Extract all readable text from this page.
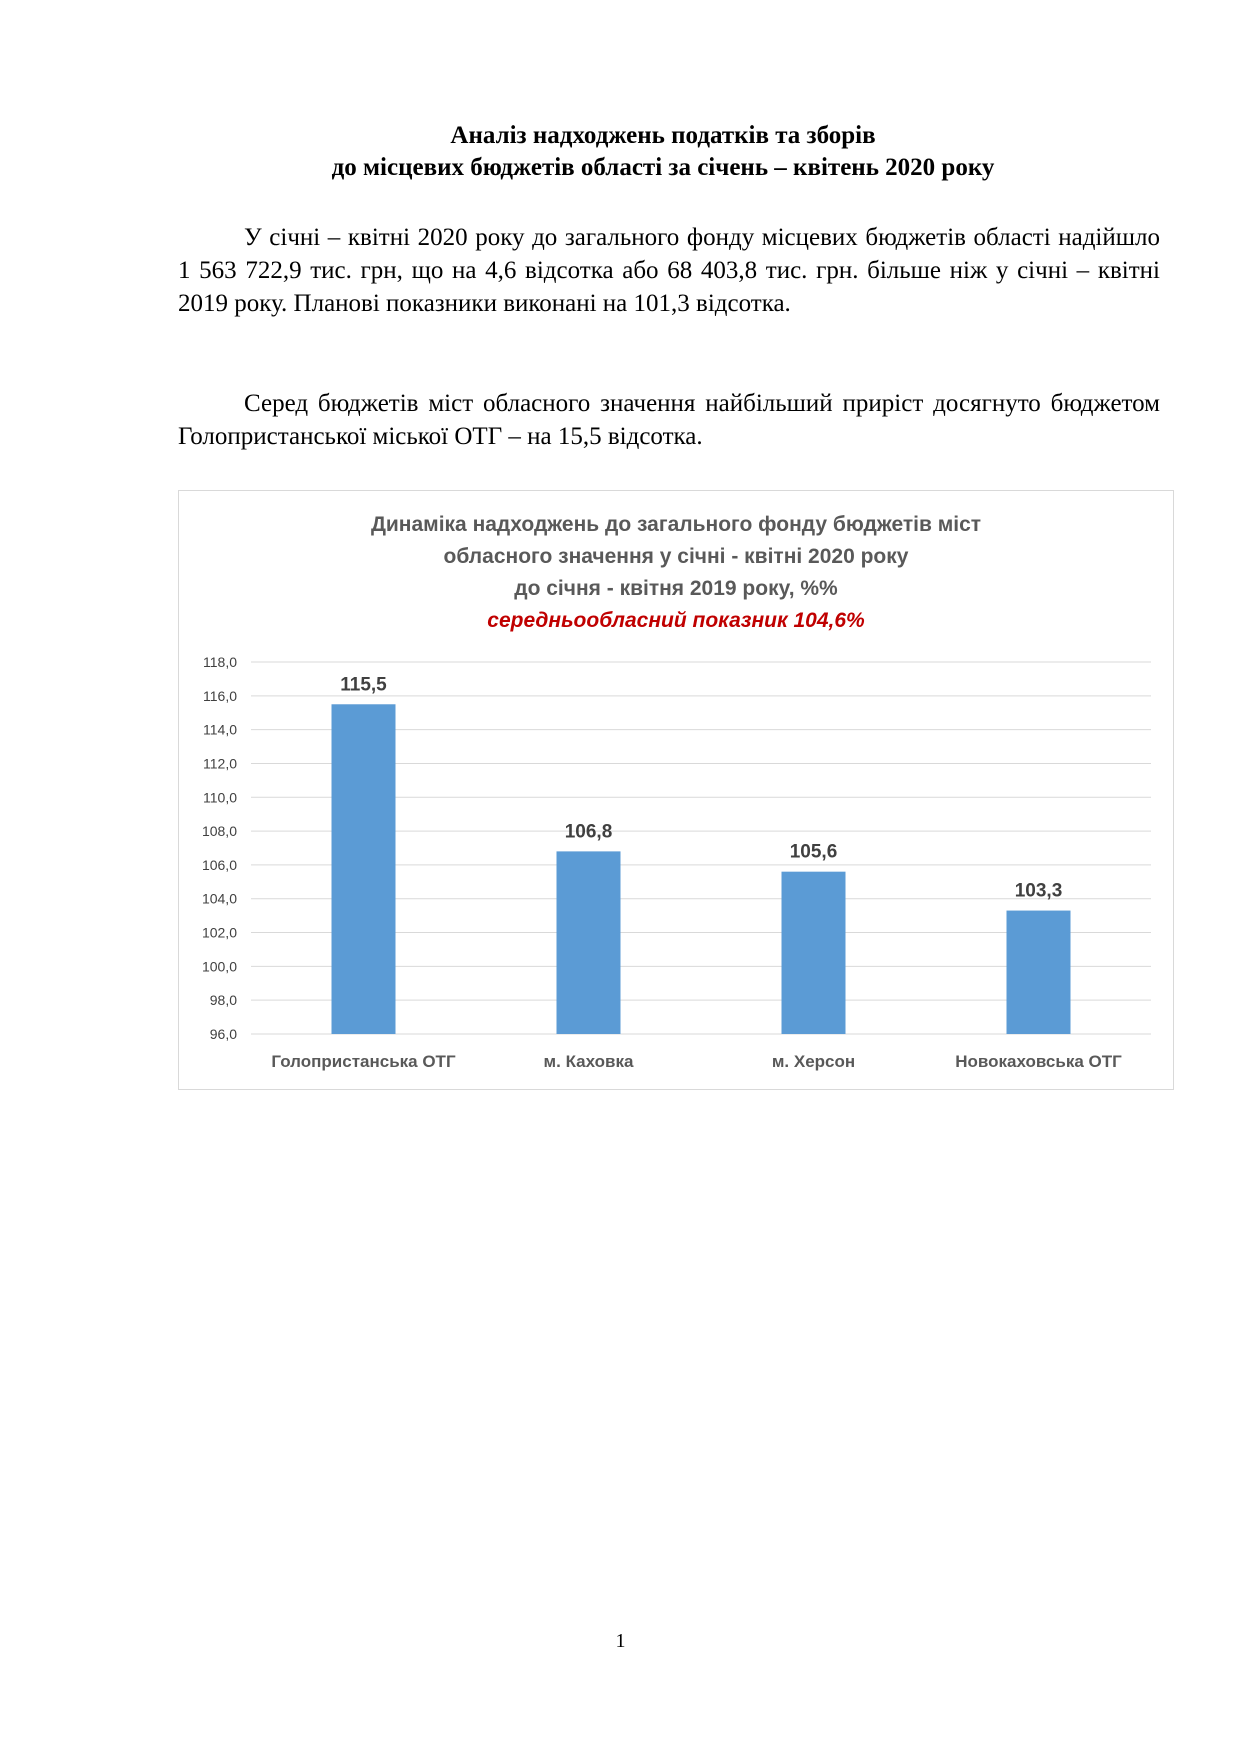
Аналіз надходжень податків та зборів
до місцевих бюджетів області за січень – квітень 2020 року

У січні – квітні 2020 року до загального фонду місцевих бюджетів області надійшло 1 563 722,9 тис. грн, що на 4,6 відсотка або 68 403,8 тис. грн. більше ніж у січні – квітні 2019 року. Планові показники виконані на 101,3 відсотка.

Серед бюджетів міст обласного значення найбільший приріст досягнуто бюджетом Голопристанської міської ОТГ – на 15,5 відсотка.

Динаміка надходжень до загального фонду бюджетів міст
обласного значення у січні - квітні 2020 року
до січня - квітня 2019 року, %%
середньообласний показник 104,6%
96,0
98,0
100,0
102,0
104,0
106,0
108,0
110,0
112,0
114,0
116,0
118,0
115,5
Голопристанська ОТГ
106,8
м. Каховка
105,6
м. Херсон
103,3
Новокаховська ОТГ
1
